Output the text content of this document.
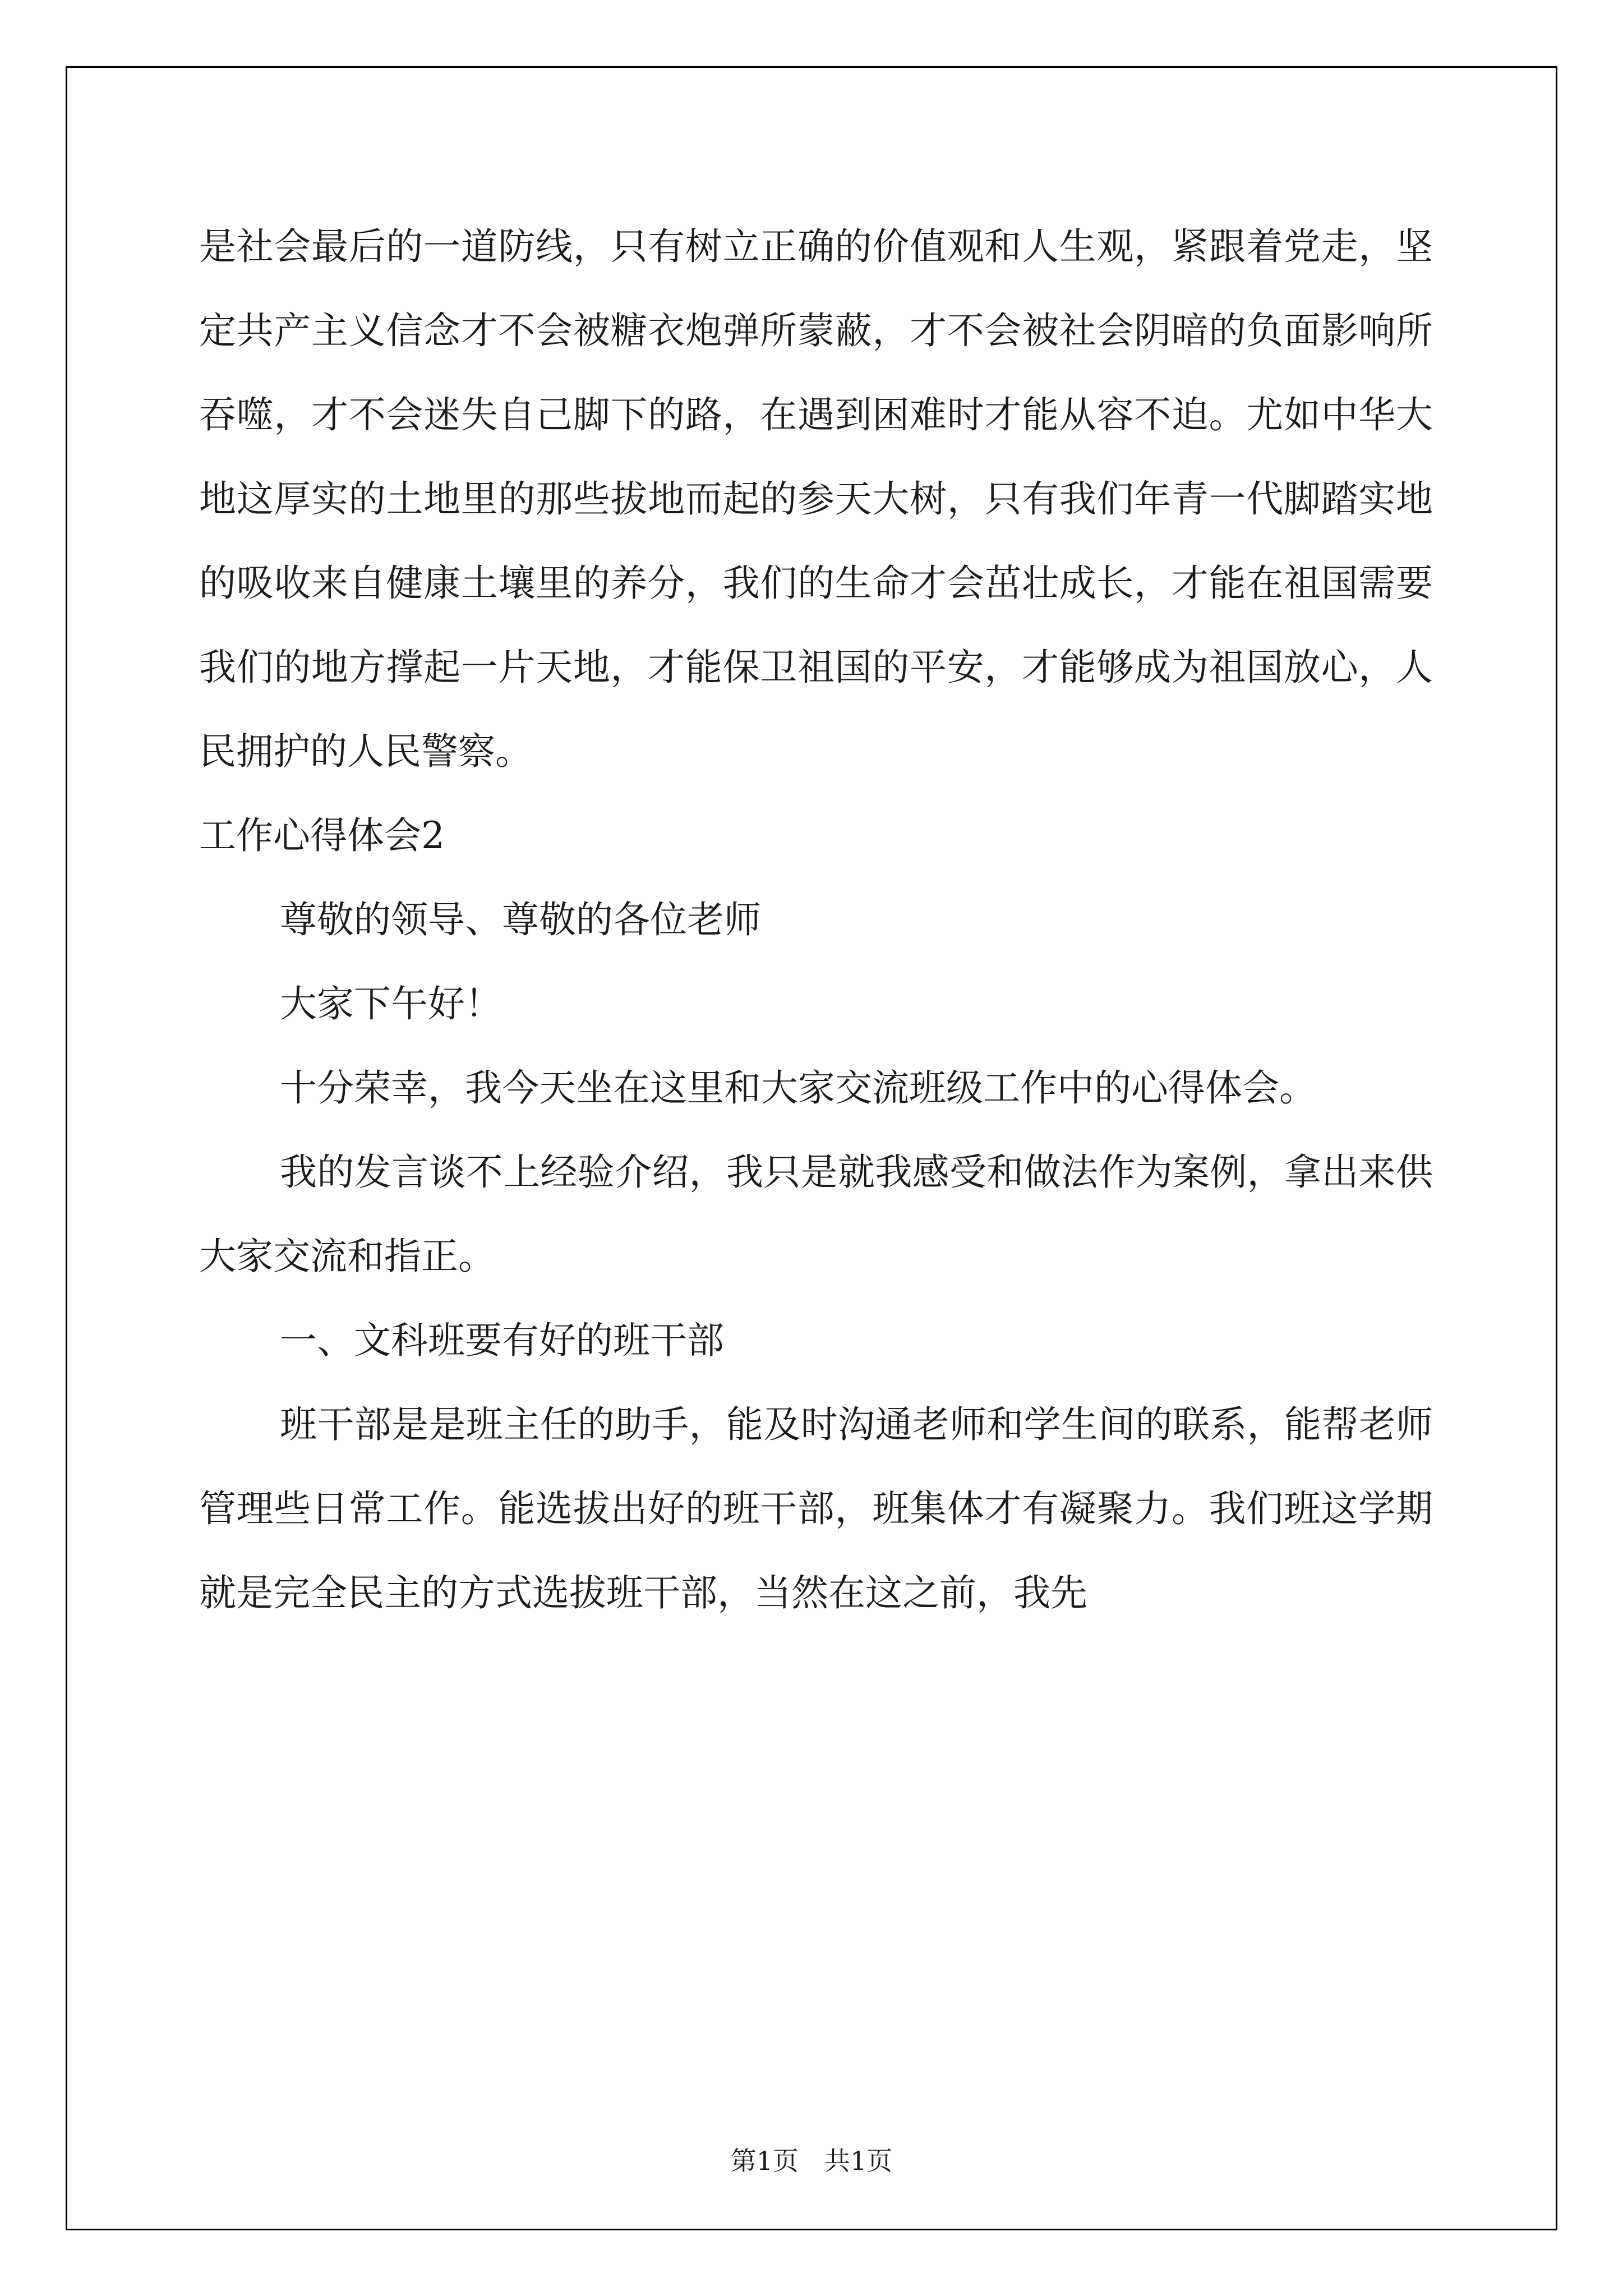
是社会最后的一道防线，只有树立正确的价值观和人生观，紧跟着党走，坚定共产主义信念才不会被糖衣炮弹所蒙蔽，才不会被社会阴暗的负面影响所吞噬，才不会迷失自己脚下的路，在遇到困难时才能从容不迫。尤如中华大地这厚实的土地里的那些拔地而起的参天大树，只有我们年青一代脚踏实地的吸收来自健康土壤里的养分，我们的生命才会茁壮成长，才能在祖国需要我们的地方撑起一片天地，才能保卫祖国的平安，才能够成为祖国放心，人民拥护的人民警察。

工作心得体会2

尊敬的领导、尊敬的各位老师

大家下午好！

十分荣幸，我今天坐在这里和大家交流班级工作中的心得体会。

我的发言谈不上经验介绍，我只是就我感受和做法作为案例，拿出来供大家交流和指正。

一、文科班要有好的班干部

班干部是是班主任的助手，能及时沟通老师和学生间的联系，能帮老师管理些日常工作。能选拔出好的班干部，班集体才有凝聚力。我们班这学期就是完全民主的方式选拔班干部，当然在这之前，我先

第1页　共1页
